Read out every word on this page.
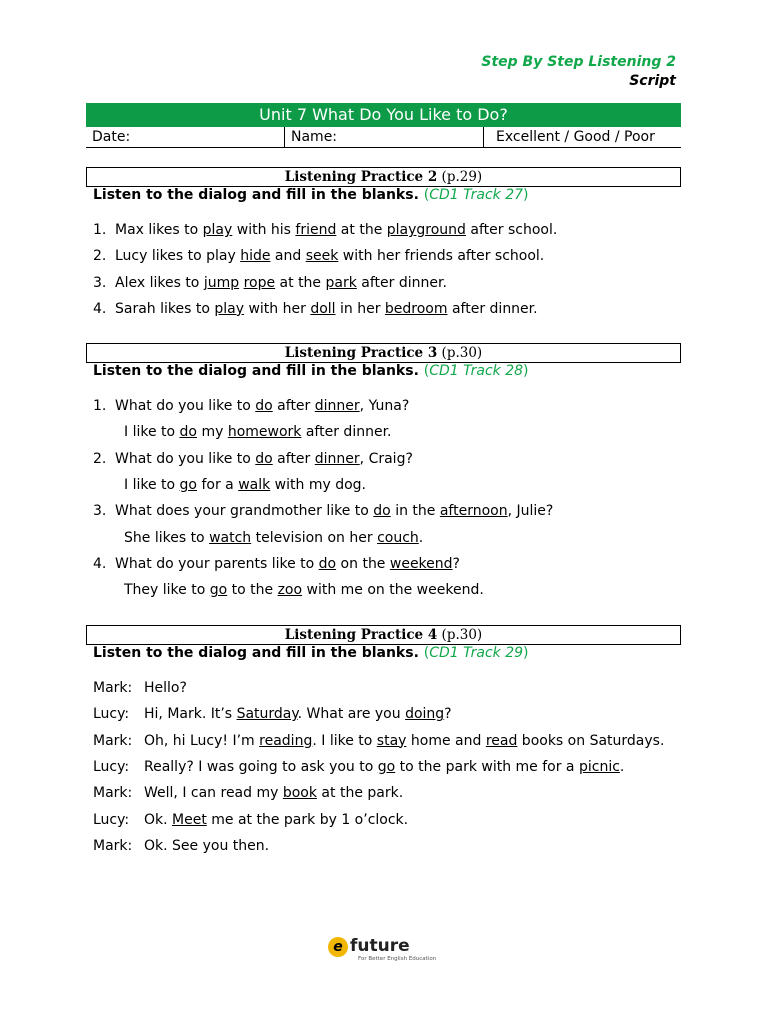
Step By Step Listening 2
Script
Unit 7 What Do You Like to Do?
Date:	Name:	Excellent / Good / Poor
Listening Practice 2 (p.29)
Listen to the dialog and fill in the blanks. (CD1 Track 27)
1. Max likes to play with his friend at the playground after school.
2. Lucy likes to play hide and seek with her friends after school.
3. Alex likes to jump rope at the park after dinner.
4. Sarah likes to play with her doll in her bedroom after dinner.
Listening Practice 3 (p.30)
Listen to the dialog and fill in the blanks. (CD1 Track 28)
1. What do you like to do after dinner, Yuna?
I like to do my homework after dinner.
2. What do you like to do after dinner, Craig?
I like to go for a walk with my dog.
3. What does your grandmother like to do in the afternoon, Julie?
She likes to watch television on her couch.
4. What do your parents like to do on the weekend?
They like to go to the zoo with me on the weekend.
Listening Practice 4 (p.30)
Listen to the dialog and fill in the blanks. (CD1 Track 29)
Mark: Hello?
Lucy: Hi, Mark. It’s Saturday. What are you doing?
Mark: Oh, hi Lucy! I’m reading. I like to stay home and read books on Saturdays.
Lucy: Really? I was going to ask you to go to the park with me for a picnic.
Mark: Well, I can read my book at the park.
Lucy: Ok. Meet me at the park by 1 o’clock.
Mark: Ok. See you then.
e future
For Better English Education
